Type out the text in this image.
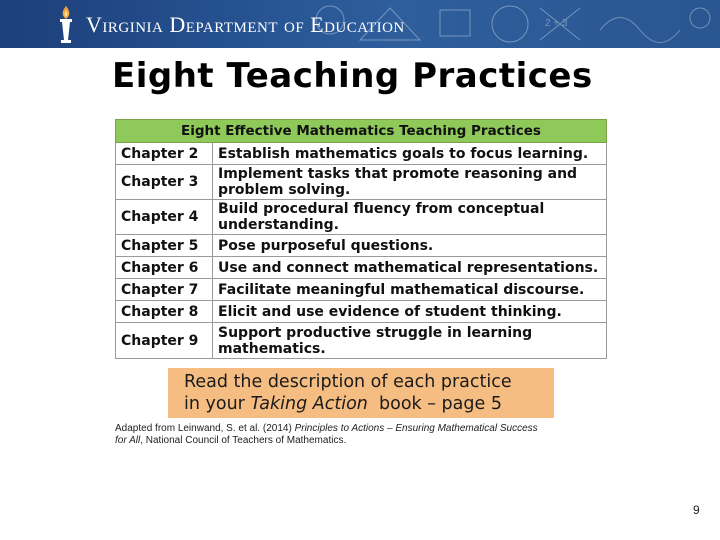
2 + 3
Virginia Department of Education
Eight Teaching Practices
Eight Effective Mathematics Teaching Practices	
Chapter 2	Establish mathematics goals to focus learning.
Chapter 3	Implement tasks that promote reasoning and problem solving.
Chapter 4	Build procedural fluency from conceptual understanding.
Chapter 5	Pose purposeful questions.
Chapter 6	Use and connect mathematical representations.
Chapter 7	Facilitate meaningful mathematical discourse.
Chapter 8	Elicit and use evidence of student thinking.
Chapter 9	Support productive struggle in learning mathematics.
Read the description of each practice
in your Taking Action  book – page 5
Adapted from Leinwand, S. et al. (2014) Principles to Actions – Ensuring Mathematical Success for All, National Council of Teachers of Mathematics.
9
